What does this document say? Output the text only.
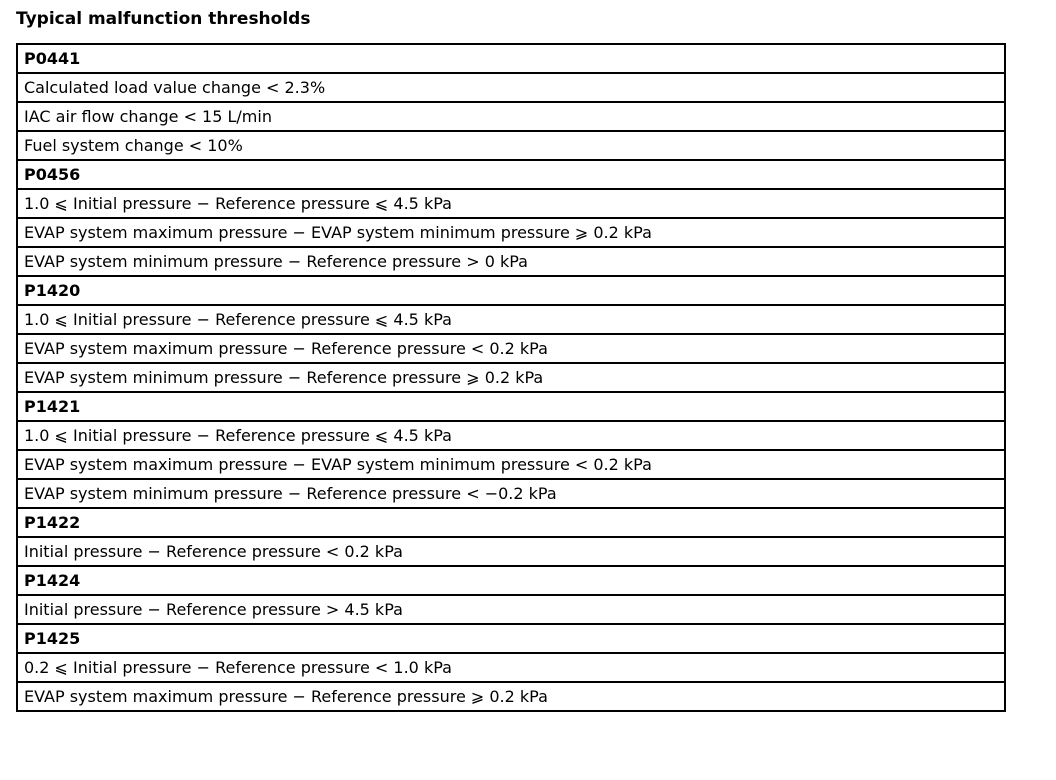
Typical malfunction thresholds
P0441
Calculated load value change < 2.3%
IAC air flow change < 15 L/min
Fuel system change < 10%
P0456
1.0 ⩽ Initial pressure − Reference pressure ⩽ 4.5 kPa
EVAP system maximum pressure − EVAP system minimum pressure ⩾ 0.2 kPa
EVAP system minimum pressure − Reference pressure > 0 kPa
P1420
1.0 ⩽ Initial pressure − Reference pressure ⩽ 4.5 kPa
EVAP system maximum pressure − Reference pressure < 0.2 kPa
EVAP system minimum pressure − Reference pressure ⩾ 0.2 kPa
P1421
1.0 ⩽ Initial pressure − Reference pressure ⩽ 4.5 kPa
EVAP system maximum pressure − EVAP system minimum pressure < 0.2 kPa
EVAP system minimum pressure − Reference pressure < −0.2 kPa
P1422
Initial pressure − Reference pressure < 0.2 kPa
P1424
Initial pressure − Reference pressure > 4.5 kPa
P1425
0.2 ⩽ Initial pressure − Reference pressure < 1.0 kPa
EVAP system maximum pressure − Reference pressure ⩾ 0.2 kPa
